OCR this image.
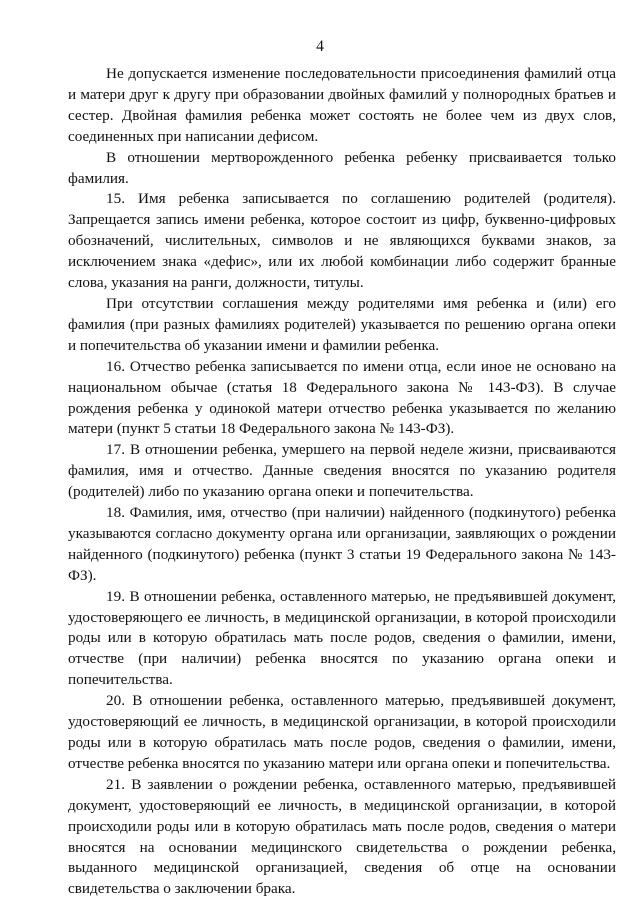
4

Не допускается изменение последовательности присоединения фамилий отца и матери друг к другу при образовании двойных фамилий у полнородных братьев и сестер. Двойная фамилия ребенка может состоять не более чем из двух слов, соединенных при написании дефисом.

В отношении мертворожденного ребенка ребенку присваивается только фамилия.

15. Имя ребенка записывается по соглашению родителей (родителя). Запрещается запись имени ребенка, которое состоит из цифр, буквенно-цифровых обозначений, числительных, символов и не являющихся буквами знаков, за исключением знака «дефис», или их любой комбинации либо содержит бранные слова, указания на ранги, должности, титулы.

При отсутствии соглашения между родителями имя ребенка и (или) его фамилия (при разных фамилиях родителей) указывается по решению органа опеки и попечительства об указании имени и фамилии ребенка.

16. Отчество ребенка записывается по имени отца, если иное не основано на национальном обычае (статья 18 Федерального закона № 143-ФЗ). В случае рождения ребенка у одинокой матери отчество ребенка указывается по желанию матери (пункт 5 статьи 18 Федерального закона № 143-ФЗ).

17. В отношении ребенка, умершего на первой неделе жизни, присваиваются фамилия, имя и отчество. Данные сведения вносятся по указанию родителя (родителей) либо по указанию органа опеки и попечительства.

18. Фамилия, имя, отчество (при наличии) найденного (подкинутого) ребенка указываются согласно документу органа или организации, заявляющих о рождении найденного (подкинутого) ребенка (пункт 3 статьи 19 Федерального закона № 143-ФЗ).

19. В отношении ребенка, оставленного матерью, не предъявившей документ, удостоверяющего ее личность, в медицинской организации, в которой происходили роды или в которую обратилась мать после родов, сведения о фамилии, имени, отчестве (при наличии) ребенка вносятся по указанию органа опеки и попечительства.

20. В отношении ребенка, оставленного матерью, предъявившей документ, удостоверяющий ее личность, в медицинской организации, в которой происходили роды или в которую обратилась мать после родов, сведения о фамилии, имени, отчестве ребенка вносятся по указанию матери или органа опеки и попечительства.

21. В заявлении о рождении ребенка, оставленного матерью, предъявившей документ, удостоверяющий ее личность, в медицинской организации, в которой происходили роды или в которую обратилась мать после родов, сведения о матери вносятся на основании медицинского свидетельства о рождении ребенка, выданного медицинской организацией, сведения об отце на основании свидетельства о заключении брака.
